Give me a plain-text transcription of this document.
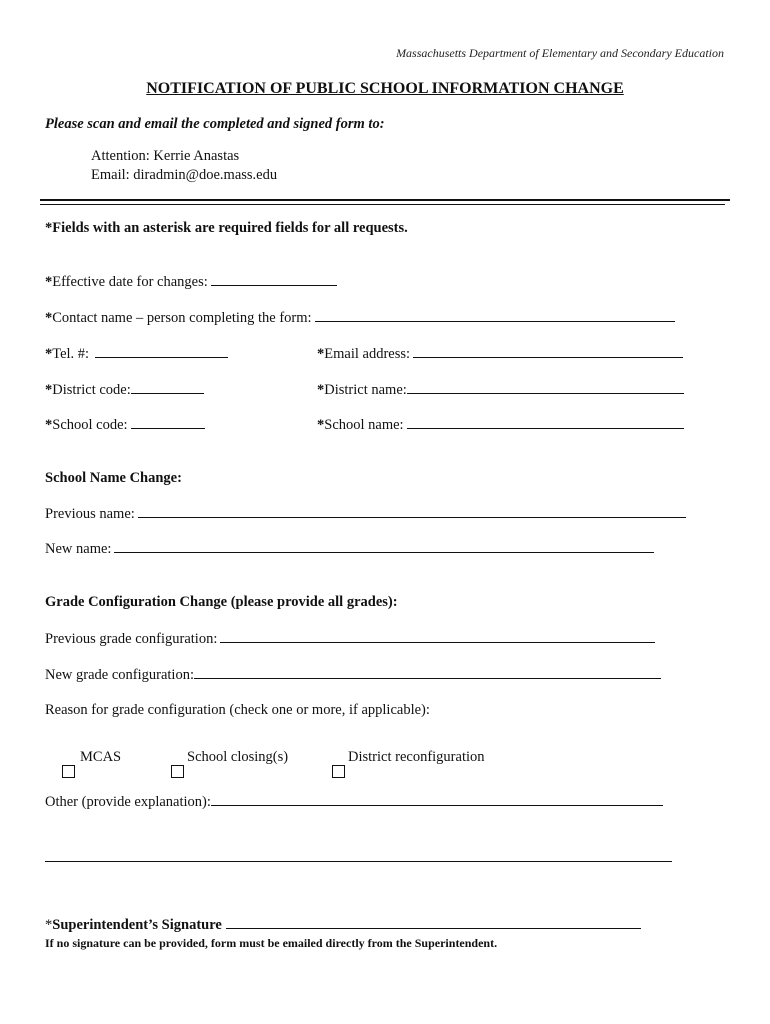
Massachusetts Department of Elementary and Secondary Education
NOTIFICATION OF PUBLIC SCHOOL INFORMATION CHANGE
Please scan and email the completed and signed form to:
Attention: Kerrie Anastas
Email: diradmin@doe.mass.edu
*Fields with an asterisk are required fields for all requests.
*Effective date for changes:
*Contact name – person completing the form:
*Tel. #:	*Email address:
*District code:	*District name:
*School code:	*School name:
School Name Change:
Previous name:
New name:
Grade Configuration Change (please provide all grades):
Previous grade configuration:
New grade configuration:
Reason for grade configuration (check one or more, if applicable):
MCAS	School closing(s)	District reconfiguration
Other (provide explanation):
*Superintendent’s Signature
If no signature can be provided, form must be emailed directly from the Superintendent.
